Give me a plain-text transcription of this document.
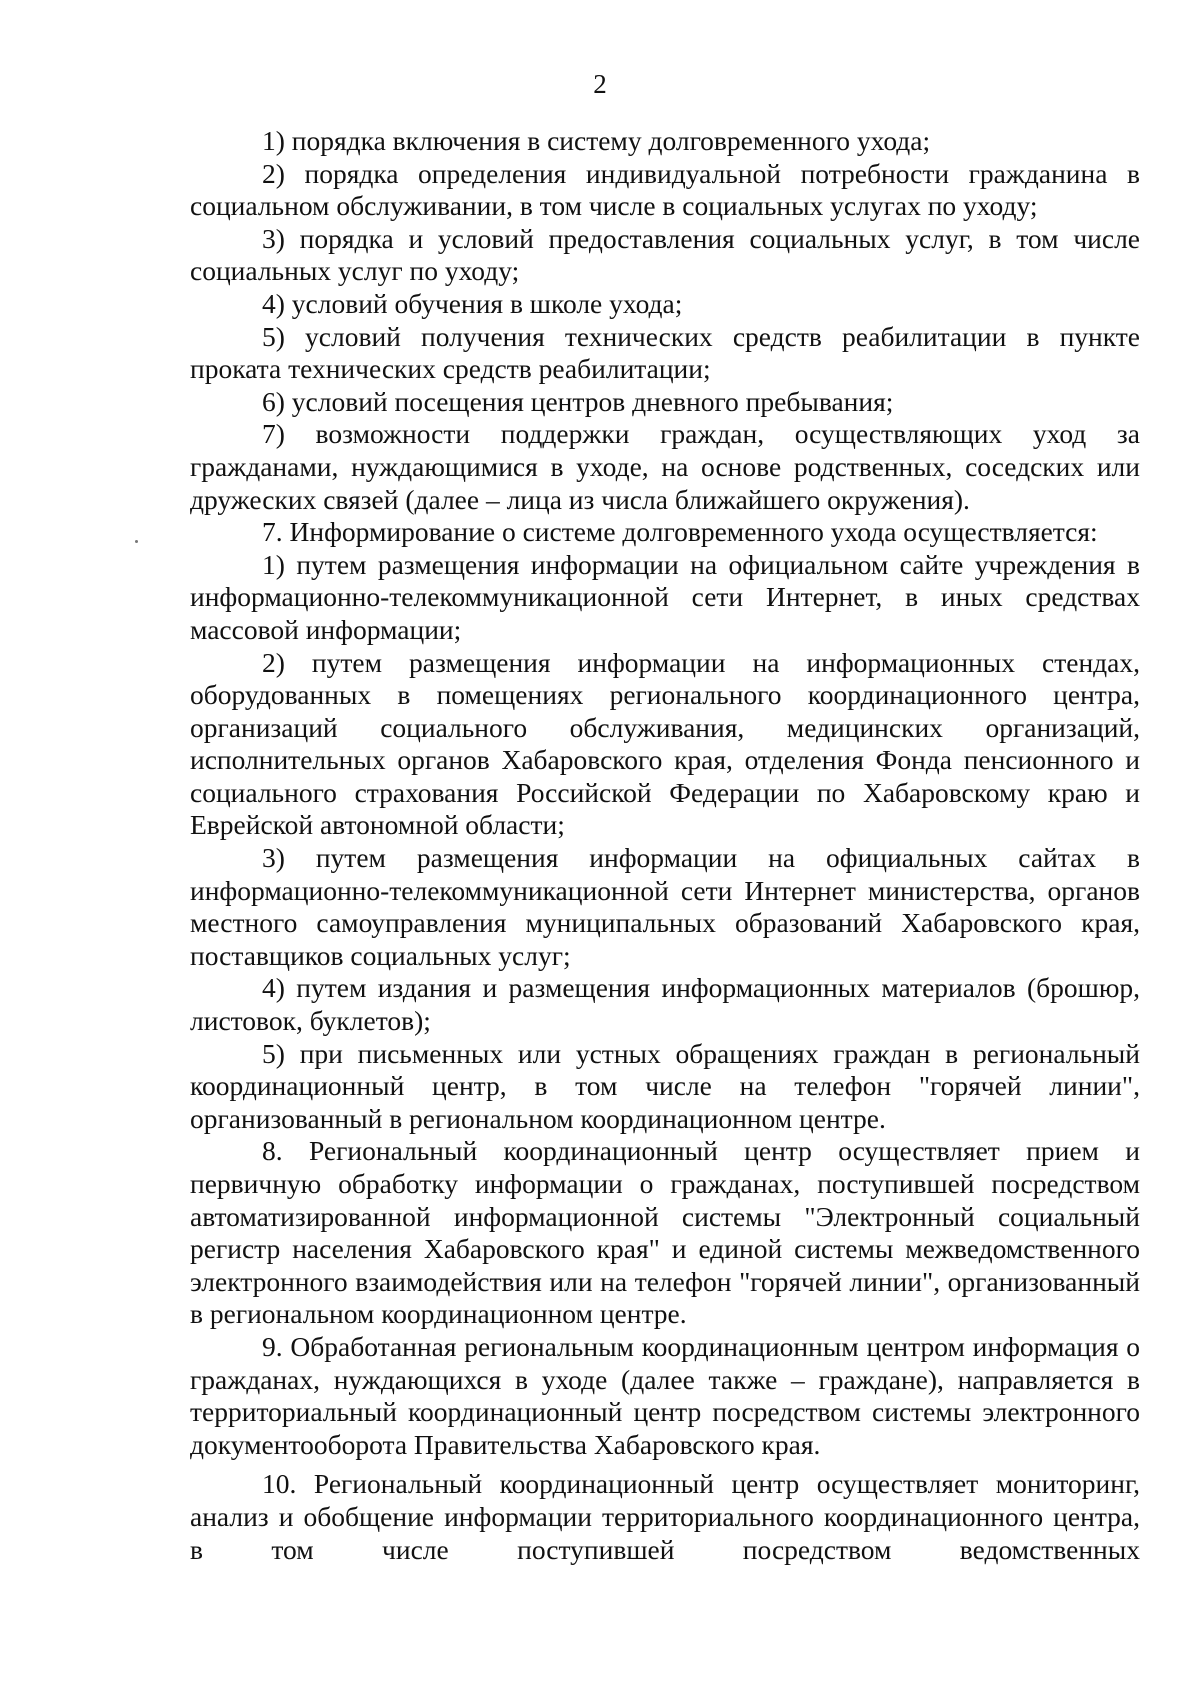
2

1) порядка включения в систему долговременного ухода;

2) порядка определения индивидуальной потребности гражданина в социальном обслуживании, в том числе в социальных услугах по уходу;

3) порядка и условий предоставления социальных услуг, в том числе социальных услуг по уходу;

4) условий обучения в школе ухода;

5) условий получения технических средств реабилитации в пункте проката технических средств реабилитации;

6) условий посещения центров дневного пребывания;

7) возможности поддержки граждан, осуществляющих уход за гражданами, нуждающимися в уходе, на основе родственных, соседских или дружеских связей (далее – лица из числа ближайшего окружения).

7. Информирование о системе долговременного ухода осуществляется:

1) путем размещения информации на официальном сайте учреждения в информационно-телекоммуникационной сети Интернет, в иных средствах массовой информации;

2) путем размещения информации на информационных стендах, оборудованных в помещениях регионального координационного центра, организаций социального обслуживания, медицинских организаций, исполнительных органов Хабаровского края, отделения Фонда пенсионного и социального страхования Российской Федерации по Хабаровскому краю и Еврейской автономной области;

3) путем размещения информации на официальных сайтах в информационно-телекоммуникационной сети Интернет министерства, органов местного самоуправления муниципальных образований Хабаровского края, поставщиков социальных услуг;

4) путем издания и размещения информационных материалов (брошюр, листовок, буклетов);

5) при письменных или устных обращениях граждан в региональный координационный центр, в том числе на телефон "горячей линии", организованный в региональном координационном центре.

8. Региональный координационный центр осуществляет прием и первичную обработку информации о гражданах, поступившей посредством автоматизированной информационной системы "Электронный социальный регистр населения Хабаровского края" и единой системы межведомственного электронного взаимодействия или на телефон "горячей линии", организованный в региональном координационном центре.

9. Обработанная региональным координационным центром информация о гражданах, нуждающихся в уходе (далее также – граждане), направляется в территориальный координационный центр посредством системы электронного документооборота Правительства Хабаровского края.

10. Региональный координационный центр осуществляет мониторинг, анализ и обобщение информации территориального координационного центра, в том числе поступившей посредством ведомственных
